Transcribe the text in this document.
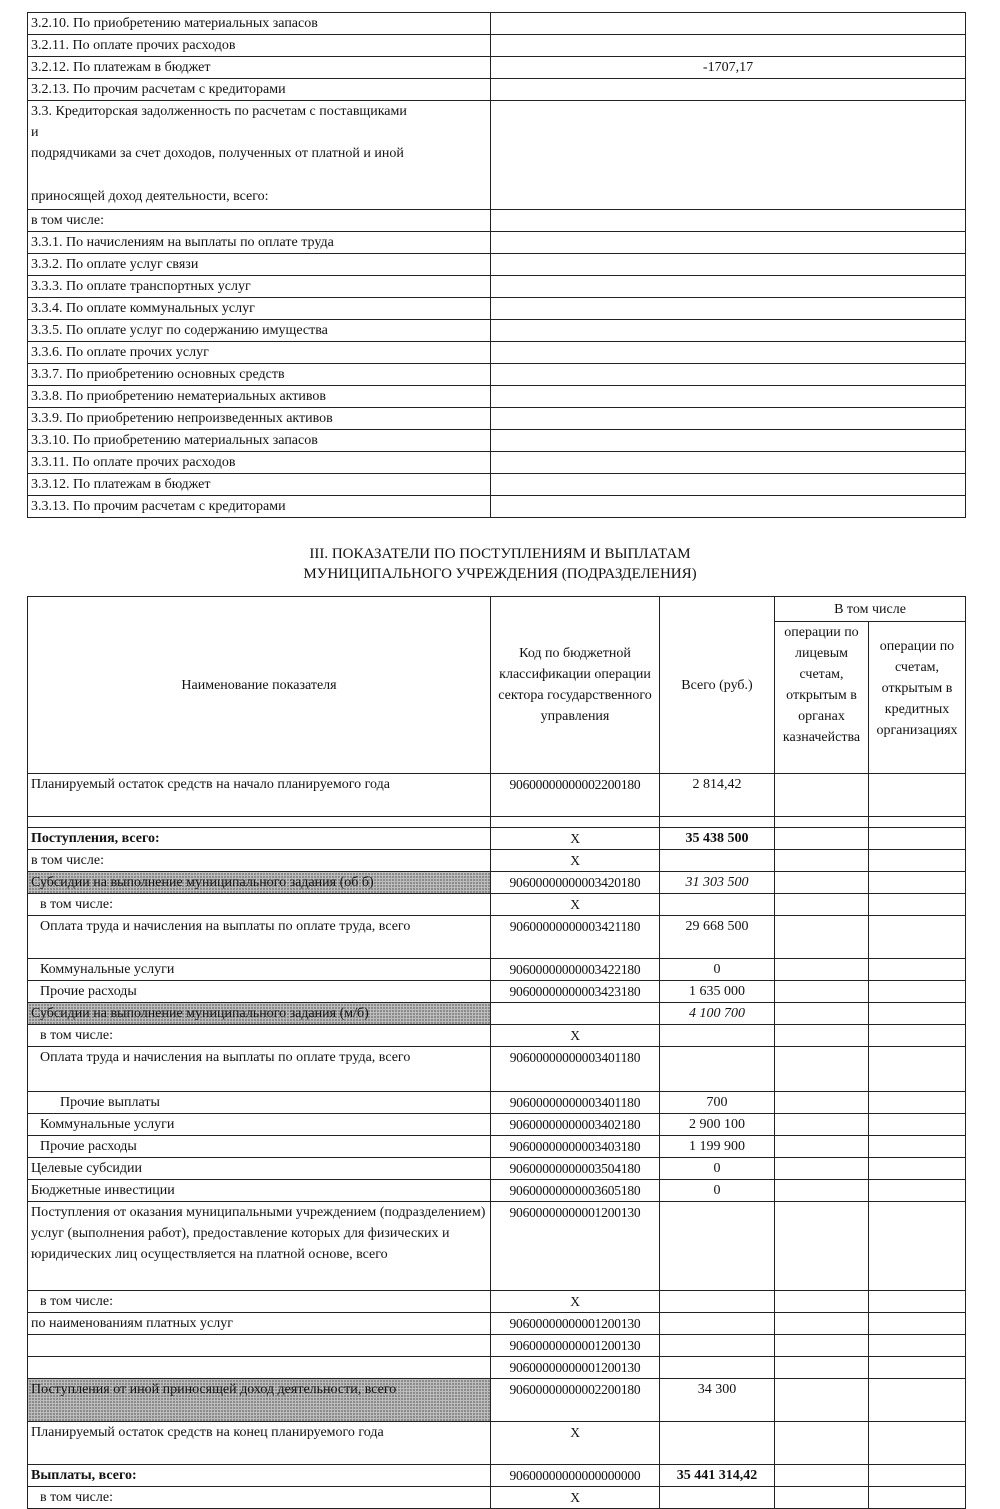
3.2.10. По приобретению материальных запасов	
3.2.11. По оплате прочих расходов	
3.2.12. По платежам в бюджет	-1707,17
3.2.13. По прочим расчетам с кредиторами	

3.3. Кредиторская задолженность по расчетам с поставщиками
и
подрядчиками за счет доходов, полученных от платной и иной
приносящей доход деятельности, всего:	

в том числе:	
3.3.1. По начислениям на выплаты по оплате труда	
3.3.2. По оплате услуг связи	
3.3.3. По оплате транспортных услуг	
3.3.4. По оплате коммунальных услуг	
3.3.5. По оплате услуг по содержанию имущества	
3.3.6. По оплате прочих услуг	
3.3.7. По приобретению основных средств	
3.3.8. По приобретению нематериальных активов	
3.3.9. По приобретению непроизведенных активов	
3.3.10. По приобретению материальных запасов	
3.3.11. По оплате прочих расходов	
3.3.12. По платежам в бюджет	
3.3.13. По прочим расчетам с кредиторами	
III. ПОКАЗАТЕЛИ ПО ПОСТУПЛЕНИЯМ И ВЫПЛАТАМ
МУНИЦИПАЛЬНОГО УЧРЕЖДЕНИЯ (ПОДРАЗДЕЛЕНИЯ)
Наименование показателя	Код по бюджетной классификации операции сектора государственного управления	Всего (руб.)	В том числе	
			операции по лицевым счетам, открытым в органах казначейства	операции по счетам, открытым в кредитных организациях
Планируемый остаток средств на начало планируемого года	90600000000002200180	2 814,42		

Поступления, всего:	Х	35 438 500		
в том числе:	Х			
Субсидии на выполнение муниципального задания (об б)	90600000000003420180	31 303 500		
в том числе:	Х			
Оплата труда и начисления на выплаты по оплате труда, всего	90600000000003421180	29 668 500		
Коммунальные услуги	90600000000003422180	0		
Прочие расходы	90600000000003423180	1 635 000		
Субсидии на выполнение муниципального задания (м/б)		4 100 700		
в том числе:	Х			
Оплата труда и начисления на выплаты по оплате труда, всего	90600000000003401180			
Прочие выплаты	90600000000003401180	700		
Коммунальные услуги	90600000000003402180	2 900 100		
Прочие расходы	90600000000003403180	1 199 900		
Целевые субсидии	90600000000003504180	0		
Бюджетные инвестиции	90600000000003605180	0		
Поступления от оказания муниципальными учреждением (подразделением) услуг (выполнения работ), предоставление которых для физических и юридических лиц осуществляется на платной основе, всего	90600000000001200130			
в том числе:	Х			
по наименованиям платных услуг	90600000000001200130			
	90600000000001200130			
	90600000000001200130			
Поступления от иной приносящей доход деятельности, всего	90600000000002200180	34 300		
Планируемый остаток средств на конец планируемого года	Х			
Выплаты, всего:	90600000000000000000	35 441 314,42		
в том числе:	Х			
